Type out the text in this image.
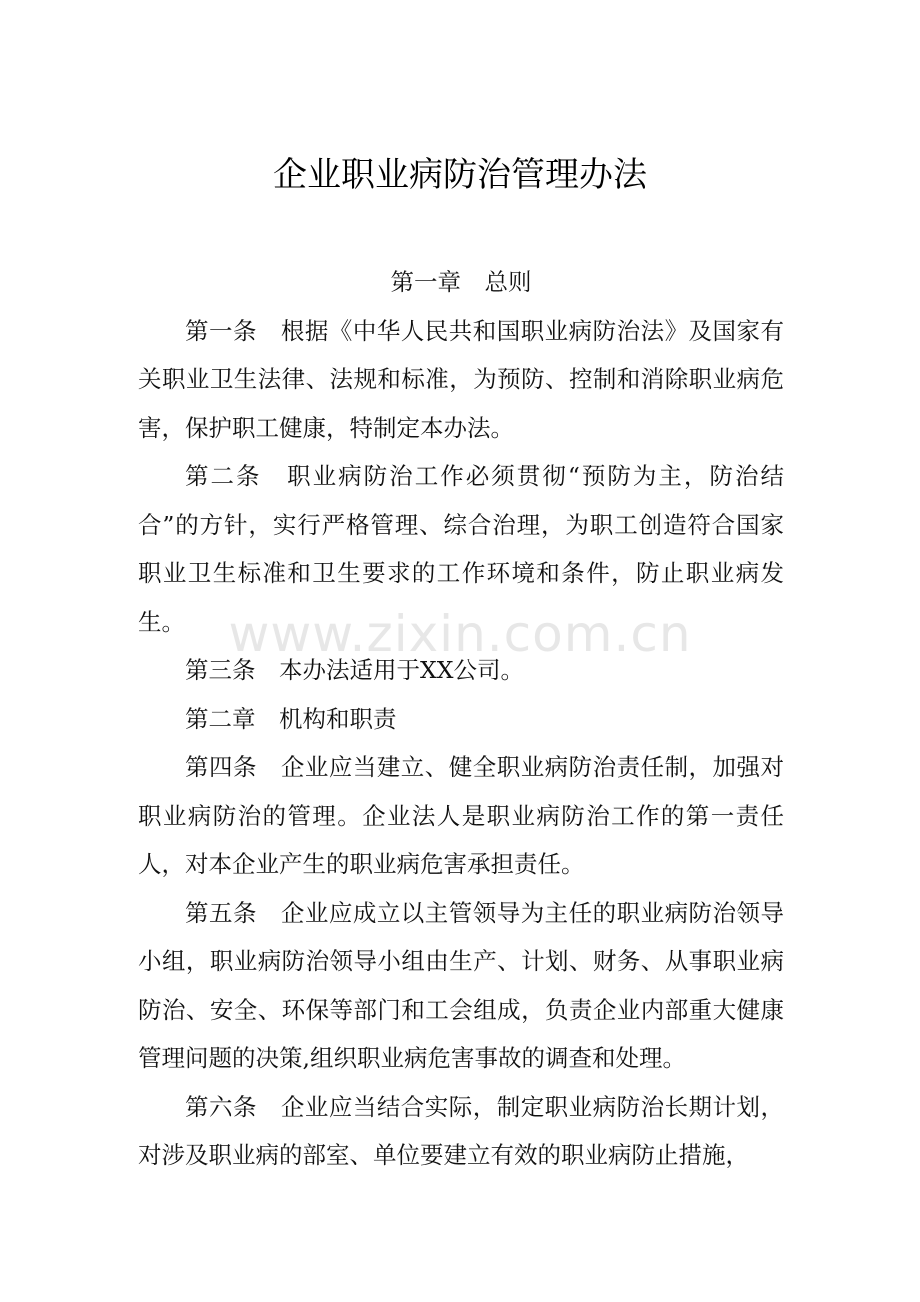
企业职业病防治管理办法

第一章　总则

第一条　根据《中华人民共和国职业病防治法》及国家有关职业卫生法律、法规和标准，为预防、控制和消除职业病危害，保护职工健康，特制定本办法。

第二条　职业病防治工作必须贯彻“预防为主，防治结合”的方针，实行严格管理、综合治理，为职工创造符合国家职业卫生标准和卫生要求的工作环境和条件，防止职业病发生。

第三条　本办法适用于XX公司。

第二章　机构和职责

第四条　企业应当建立、健全职业病防治责任制，加强对职业病防治的管理。企业法人是职业病防治工作的第一责任人，对本企业产生的职业病危害承担责任。

第五条　企业应成立以主管领导为主任的职业病防治领导小组，职业病防治领导小组由生产、计划、财务、从事职业病防治、安全、环保等部门和工会组成，负责企业内部重大健康管理问题的决策,组织职业病危害事故的调查和处理。

第六条　企业应当结合实际，制定职业病防治长期计划，对涉及职业病的部室、单位要建立有效的职业病防止措施，

www.zixin.com.cn
